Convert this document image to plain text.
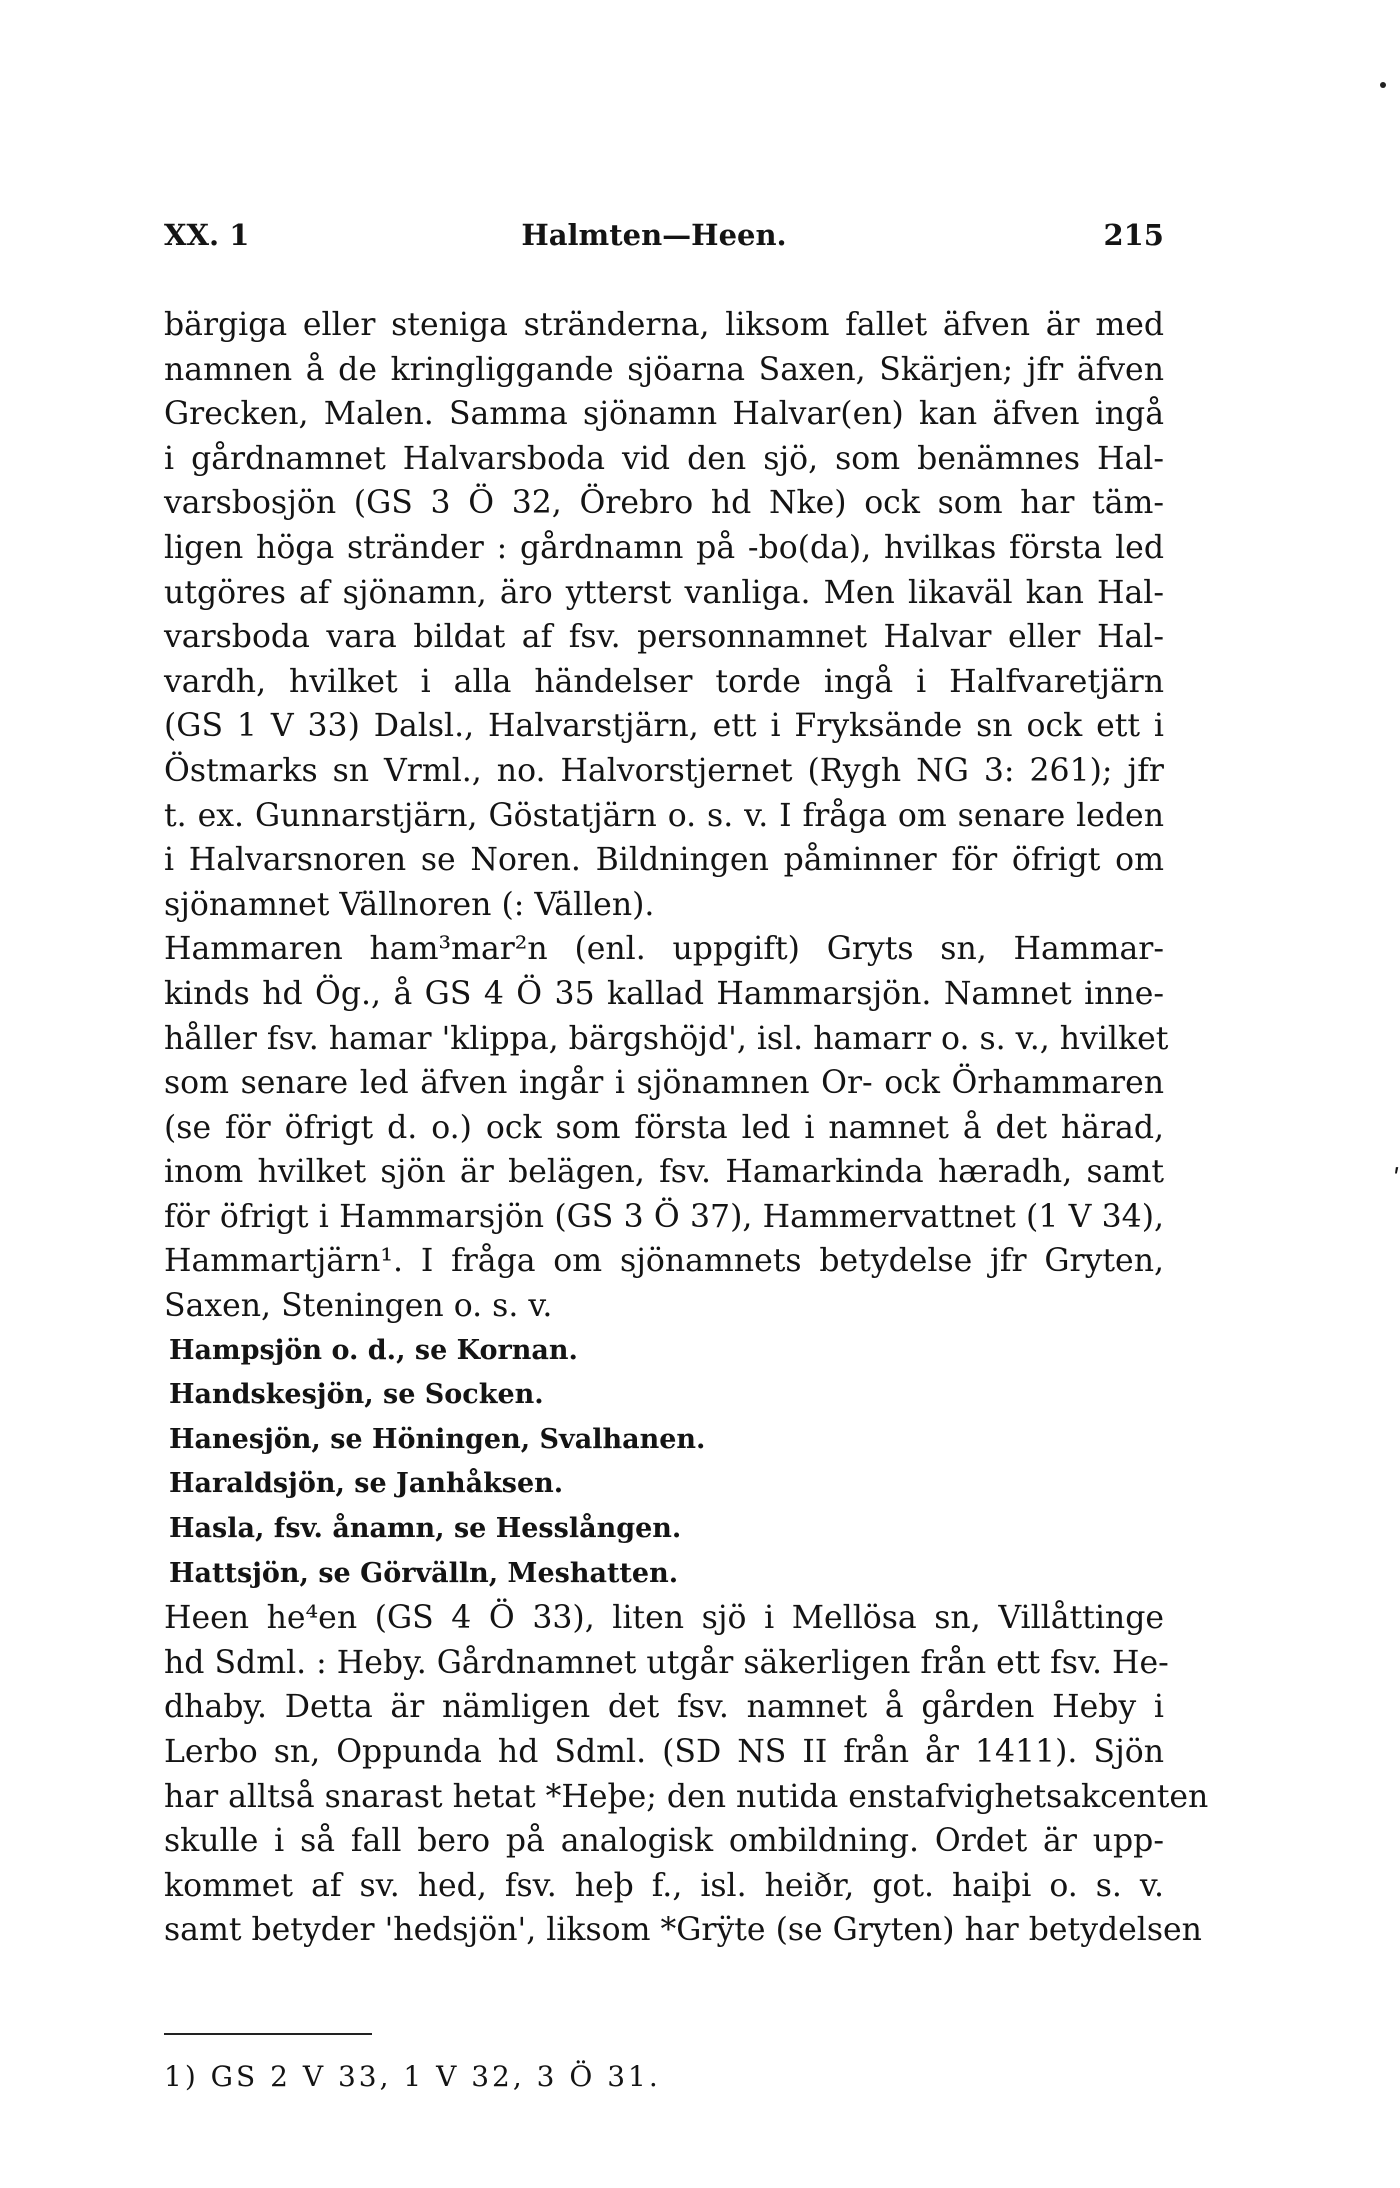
XX. 1	Halmten—Heen.	215
bärgiga eller steniga stränderna, liksom fallet äfven är med
namnen å de kringliggande sjöarna Saxen, Skärjen; jfr äfven
Grecken, Malen. Samma sjönamn Halvar(en) kan äfven ingå
i gårdnamnet Halvarsboda vid den sjö, som benämnes Hal-
varsbosjön (GS 3 Ö 32, Örebro hd Nke) ock som har täm-
ligen höga stränder : gårdnamn på -bo(da), hvilkas första led
utgöres af sjönamn, äro ytterst vanliga. Men likaväl kan Hal-
varsboda vara bildat af fsv. personnamnet Halvar eller Hal-
vardh, hvilket i alla händelser torde ingå i Halfvaretjärn
(GS 1 V 33) Dalsl., Halvarstjärn, ett i Fryksände sn ock ett i
Östmarks sn Vrml., no. Halvorstjernet (Rygh NG 3: 261); jfr
t. ex. Gunnarstjärn, Göstatjärn o. s. v. I fråga om senare leden
i Halvarsnoren se Noren. Bildningen påminner för öfrigt om
sjönamnet Vällnoren (: Vällen).
Hammaren ham³mar²n (enl. uppgift) Gryts sn, Hammar-
kinds hd Ög., å GS 4 Ö 35 kallad Hammarsjön. Namnet inne-
håller fsv. hamar 'klippa, bärgshöjd', isl. hamarr o. s. v., hvilket
som senare led äfven ingår i sjönamnen Or- ock Örhammaren
(se för öfrigt d. o.) ock som första led i namnet å det härad,
inom hvilket sjön är belägen, fsv. Hamarkinda hæradh, samt
för öfrigt i Hammarsjön (GS 3 Ö 37), Hammervattnet (1 V 34),
Hammartjärn¹. I fråga om sjönamnets betydelse jfr Gryten,
Saxen, Steningen o. s. v.
Hampsjön o. d., se Kornan.
Handskesjön, se Socken.
Hanesjön, se Höningen, Svalhanen.
Haraldsjön, se Janhåksen.
Hasla, fsv. ånamn, se Hesslången.
Hattsjön, se Görvälln, Meshatten.
Heen he⁴en (GS 4 Ö 33), liten sjö i Mellösa sn, Villåttinge
hd Sdml. : Heby. Gårdnamnet utgår säkerligen från ett fsv. He-
dhaby. Detta är nämligen det fsv. namnet å gården Heby i
Lerbo sn, Oppunda hd Sdml. (SD NS II från år 1411). Sjön
har alltså snarast hetat *Heþe; den nutida enstafvighetsakcenten
skulle i så fall bero på analogisk ombildning. Ordet är upp-
kommet af sv. hed, fsv. heþ f., isl. heiðr, got. haiþi o. s. v.
samt betyder 'hedsjön', liksom *Grÿte (se Gryten) har betydelsen
ʹ
1) GS 2 V 33, 1 V 32, 3 Ö 31.
